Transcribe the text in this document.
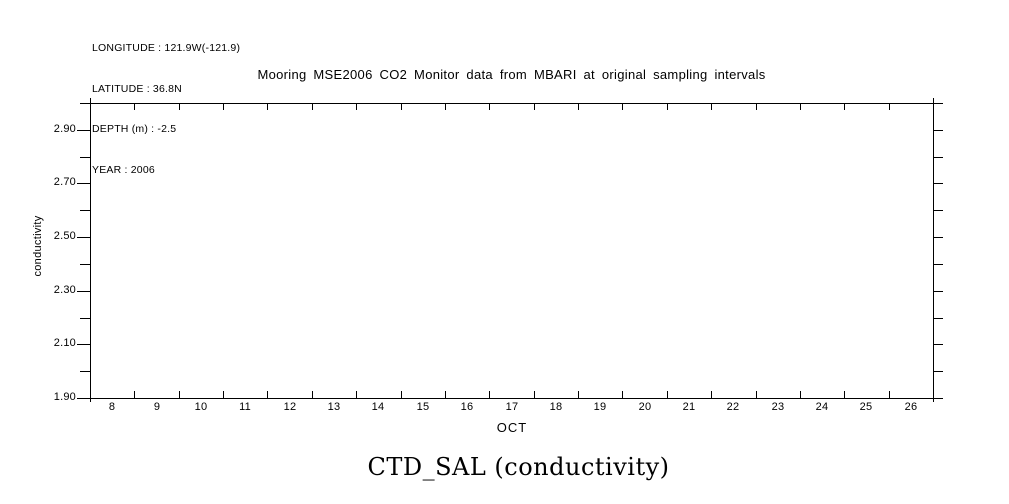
LONGITUDE : 121.9W(-121.9)

LATITUDE : 36.8N

DEPTH (m) : -2.5

YEAR : 2006

Mooring MSE2006 CO2 Monitor data from MBARI at original sampling intervals
conductivity
1.90
2.10
2.30
2.50
2.70
2.90
8	9	10	11	12	13	14	15	16	17	18	19	20	21	22	23	24	25	26
OCT
CTD_SAL (conductivity)
